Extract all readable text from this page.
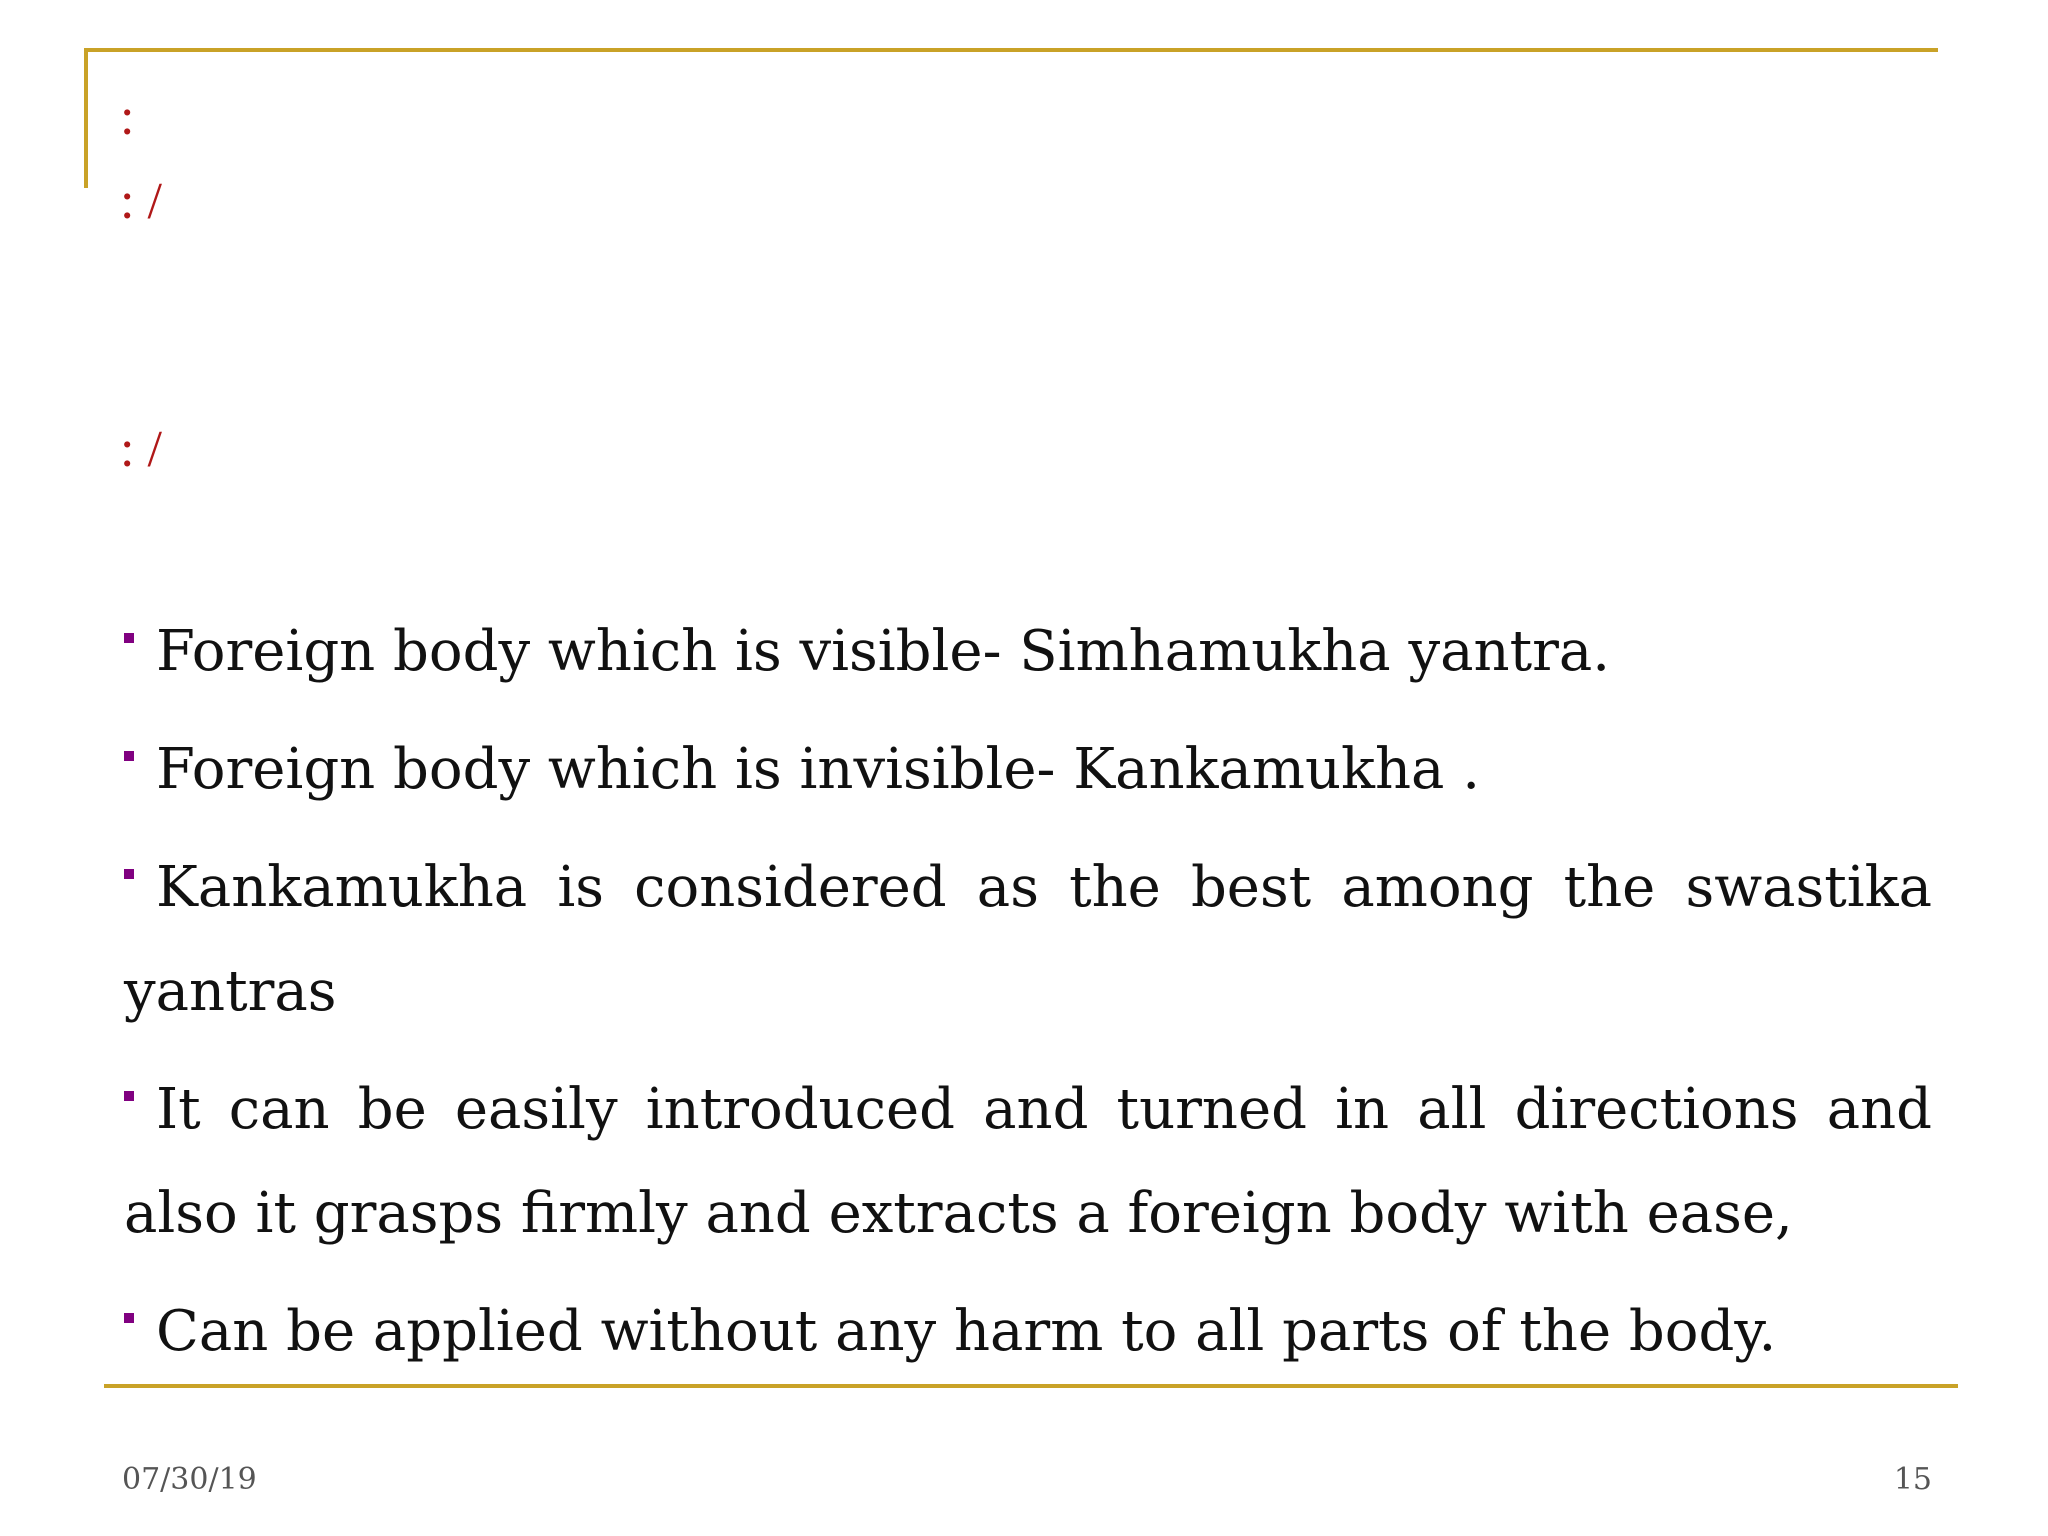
:
: /
: /
Foreign body which is visible- Simhamukha yantra.
Foreign body which is invisible- Kankamukha .
Kankamukha is considered as the best among the swastika yantras
It can be easily introduced and turned in all directions and also it grasps firmly and extracts a foreign body with ease,
Can be applied without any harm to all parts of the body.
07/30/19	15
